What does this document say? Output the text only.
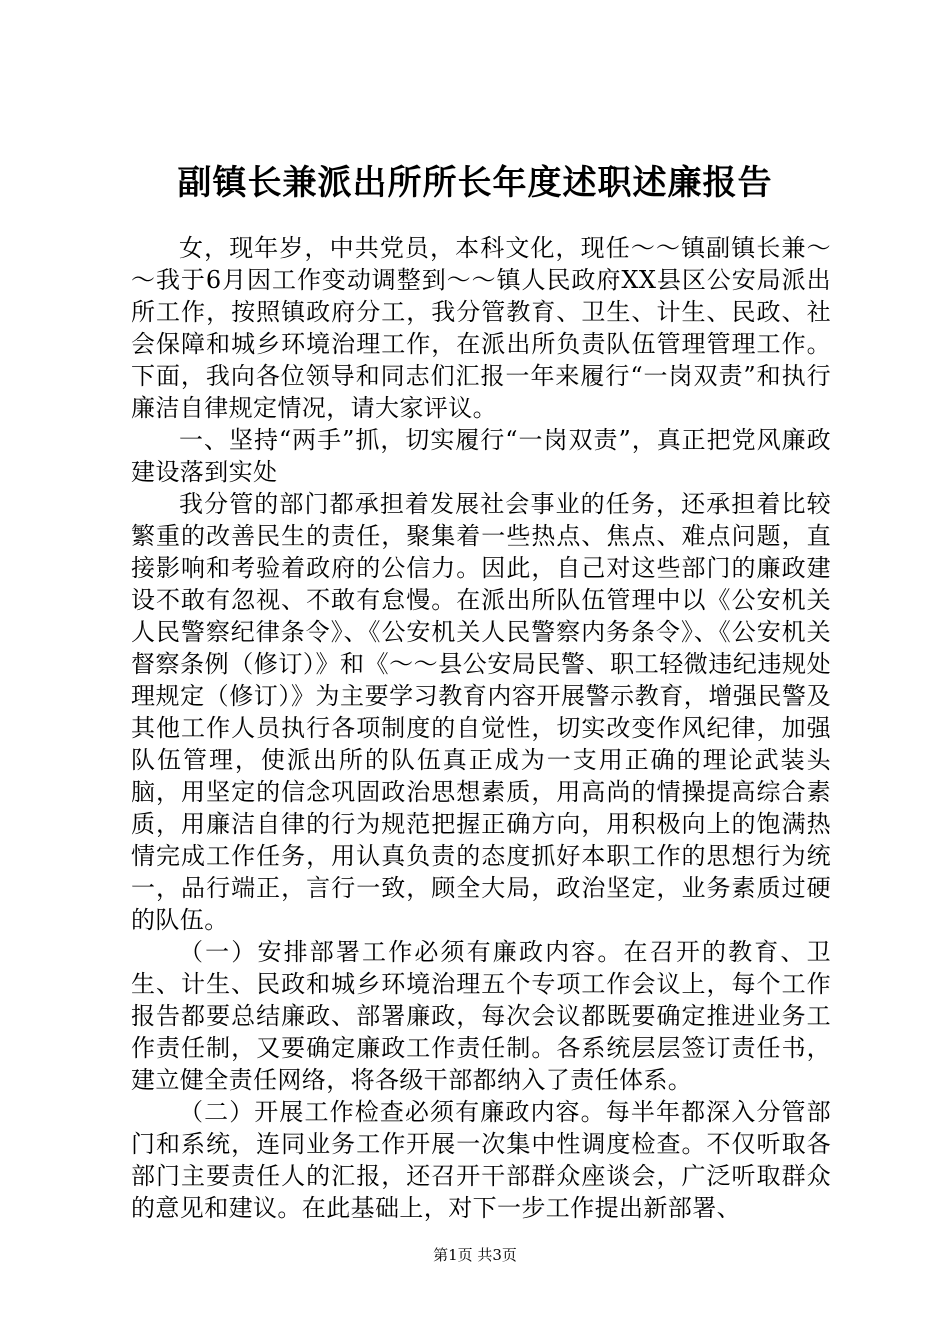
副镇长兼派出所所长年度述职述廉报告

女，现年岁，中共党员，本科文化，现任～～镇副镇长兼～～我于6月因工作变动调整到～～镇人民政府XX县区公安局派出所工作，按照镇政府分工，我分管教育、卫生、计生、民政、社会保障和城乡环境治理工作，在派出所负责队伍管理管理工作。下面，我向各位领导和同志们汇报一年来履行“一岗双责”和执行廉洁自律规定情况，请大家评议。

一、坚持“两手”抓，切实履行“一岗双责”，真正把党风廉政建设落到实处

我分管的部门都承担着发展社会事业的任务，还承担着比较繁重的改善民生的责任，聚集着一些热点、焦点、难点问题，直接影响和考验着政府的公信力。因此，自己对这些部门的廉政建设不敢有忽视、不敢有怠慢。在派出所队伍管理中以《公安机关人民警察纪律条令》、《公安机关人民警察内务条令》、《公安机关督察条例（修订）》和《～～县公安局民警、职工轻微违纪违规处理规定（修订）》为主要学习教育内容开展警示教育，增强民警及其他工作人员执行各项制度的自觉性，切实改变作风纪律，加强队伍管理，使派出所的队伍真正成为一支用正确的理论武装头脑，用坚定的信念巩固政治思想素质，用高尚的情操提高综合素质，用廉洁自律的行为规范把握正确方向，用积极向上的饱满热情完成工作任务，用认真负责的态度抓好本职工作的思想行为统一，品行端正，言行一致，顾全大局，政治坚定，业务素质过硬的队伍。

（一）安排部署工作必须有廉政内容。在召开的教育、卫生、计生、民政和城乡环境治理五个专项工作会议上，每个工作报告都要总结廉政、部署廉政，每次会议都既要确定推进业务工作责任制，又要确定廉政工作责任制。各系统层层签订责任书，建立健全责任网络，将各级干部都纳入了责任体系。

（二）开展工作检查必须有廉政内容。每半年都深入分管部门和系统，连同业务工作开展一次集中性调度检查。不仅听取各部门主要责任人的汇报，还召开干部群众座谈会，广泛听取群众的意见和建议。在此基础上，对下一步工作提出新部署、

第1页 共3页
